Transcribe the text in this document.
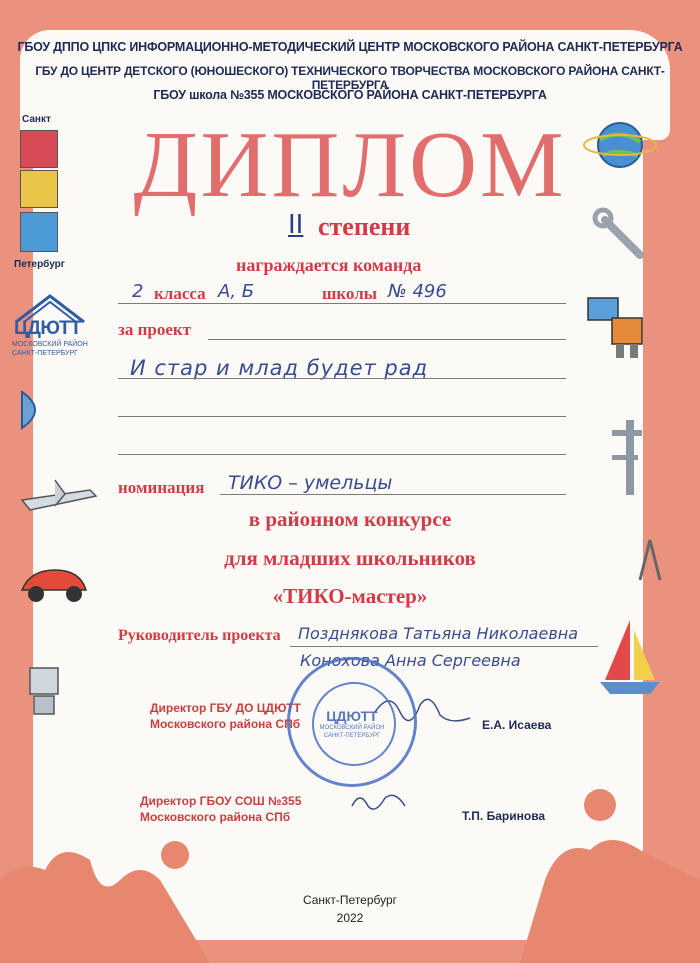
ГБОУ ДППО ЦПКС ИНФОРМАЦИОННО-МЕТОДИЧЕСКИЙ ЦЕНТР МОСКОВСКОГО РАЙОНА САНКТ-ПЕТЕРБУРГА
ГБУ ДО ЦЕНТР ДЕТСКОГО (ЮНОШЕСКОГО) ТЕХНИЧЕСКОГО ТВОРЧЕСТВА МОСКОВСКОГО РАЙОНА САНКТ-ПЕТЕРБУРГА
ГБОУ школа №355 МОСКОВСКОГО РАЙОНА САНКТ-ПЕТЕРБУРГА
Санкт
Петербург
ЦДЮТТ
МОСКОВСКИЙ РАЙОН
САНКТ-ПЕТЕРБУРГ
ДИПЛОМ
II степени
награждается команда
2 класса А, Б	школы № 496
за проект
И стар и млад будет рад
номинация ТИКО – умельцы
в районном конкурсе
для младших школьников
«ТИКО-мастер»
Руководитель проекта Позднякова Татьяна Николаевна
Конохова Анна Сергеевна
Директор ГБУ ДО ЦДЮТТ
Московского района СПб	Е.А. Исаева
Директор ГБОУ СОШ №355
Московского района СПб	Т.П. Баринова
ЦДЮТТ
МОСКОВСКИЙ РАЙОН
САНКТ-ПЕТЕРБУРГ
Санкт-Петербург
2022
